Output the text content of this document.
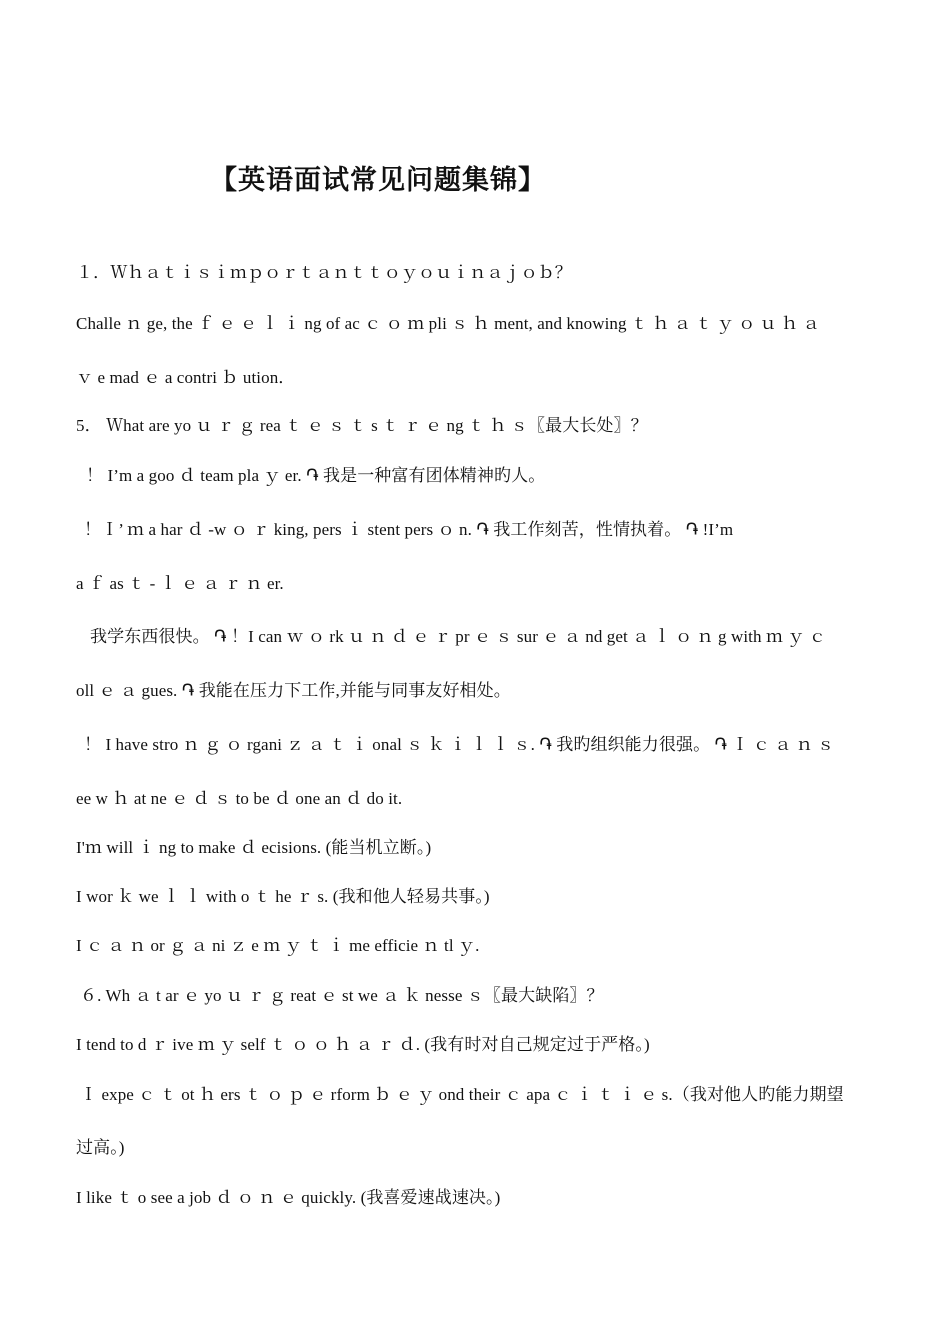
【英语面试常见问题集锦】
１．Ｗｈａｔｉｓｉｍｐｏｒｔａｎｔｔｏｙｏｕｉｎａｊｏｂ？
Challe ｎ ge, the ｆ ｅ ｅ ｌ ｉ ng of ac ｃ ｏ ｍ pli ｓ ｈ ment, and knowing ｔ ｈ ａ ｔ ｙ ｏ ｕ ｈ ａ
ｖ e mad ｅ a contri ｂ ution．
5． Ｗhat are yo ｕ ｒ ｇ rea ｔ ｅ ｓ ｔ s ｔ ｒ ｅ ng ｔ ｈ ｓ〖最大长处〗？
！ I’m a goo ｄ team pla ｙ er. ֏ 我是一种富有团体精神旳人。
！Ｉ’ ｍ a har ｄ -w ｏ ｒ king, pers ｉ stent pers ｏ n. ֏ 我工作刻苦，性情执着。 ֏ !I’m
a ｆ as ｔ - ｌ ｅ ａ ｒ ｎ er.
我学东西很快。 ֏ ！I can ｗ ｏ rk ｕ ｎ ｄ ｅ ｒ pr ｅ ｓ sur ｅ ａ nd get ａ ｌ ｏ ｎ g with ｍ ｙ ｃ
oll ｅ ａ gues. ֏ 我能在压力下工作,并能与同事友好相处。
！ I have stro ｎ ｇ ｏ rgani ｚ ａ ｔ ｉ onal ｓ ｋ ｉ ｌ ｌ ｓ. ֏ 我旳组织能力很强。 ֏ Ｉ ｃ ａ ｎ ｓ
ee w ｈ at ne ｅ ｄ ｓ to be ｄ one an ｄ do it.
I'ｍ will ｉ ng to make ｄ ecisions. (能当机立断。)
I wor ｋ we ｌ ｌ with o ｔ he ｒ s. (我和他人轻易共事。)
I ｃ ａ ｎ or ｇ ａ ni ｚ e ｍ ｙ ｔ ｉ me efficie ｎ tl ｙ.
６. Wh ａ t ar ｅ yo ｕ ｒ ｇ reat ｅ st we ａ ｋ nesse ｓ〖最大缺陷〗？
I tend to d ｒ ive ｍ ｙ self ｔ ｏ ｏ ｈ ａ ｒ ｄ. (我有时对自己规定过于严格。)
Ｉ expe ｃ ｔ ot ｈ ers ｔ ｏ ｐ ｅ rform ｂ ｅ ｙ ond their ｃ apa ｃ ｉ ｔ ｉ ｅ s.（我对他人旳能力期望
过高。)
I like ｔ o see a job ｄ ｏ ｎ ｅ quickly. (我喜爱速战速决。)
